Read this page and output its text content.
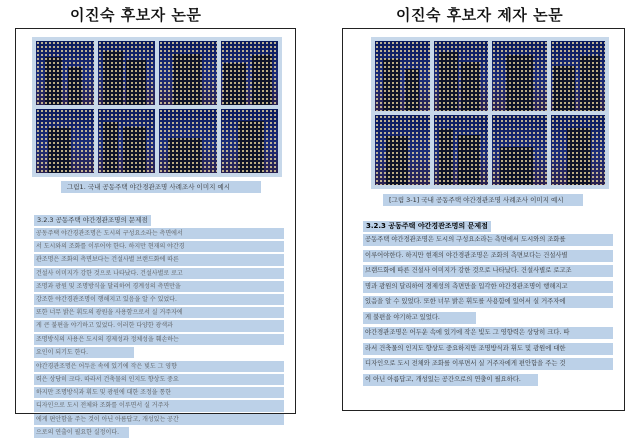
이진숙 후보자 논문	이진숙 후보자 제자 논문
그림1. 국내 공동주택 야간경관조명 사례조사 이미지 예시
3.2.3 공동주택 야간경관조명의 문제점
공동주택 야간경관조명은 도시의 구성요소라는 측면에서
서 도시와의 조화를 이루어야 한다. 하지만 현재의 야간경
관조명은 조화의 측면보다는 건설사별 브랜드화에 따른
건설사 이미지가 강한 것으로 나타났다. 건설사별로 로고
조명과 광원 및 조명방식을 달리하여 경계성의 측면만을
강조한 야간경관조명이 행해지고 있음을 알 수 있었다.
또한 너무 밝은 휘도의 광원을 사용함으로서 실 거주자에
게 큰 불편을 야기하고 있었다. 이러한 다양한 광색과
조명방식의 사용은 도시의 경제성과 정체성을 훼손하는
요인이 되기도 한다.
야간경관조명은 어두운 속에 있기에 작은 빛도 그 영향
력은 상당히 크다. 따라서 건축물의 인지도 향상도 중요
하지만 조명방식과 휘도 및 광원에 대한 조정을 통한
디자인으로 도시 전체와 조화를 이루면서 실 거주자
에게 편안함을 주는 것이 아닌 아름답고, 개성있는 공간
으로의 연출이 필요한 실정이다.
[그림 3-1] 국내 공동주택 야간경관조명 사례조사 이미지 예시
3.2.3 공동주택 야간경관조명의 문제점
공동주택 야간경관조명은 도시의 구성요소라는 측면에서 도시와의 조화를
이루어야한다. 하지만 현재의 야간경관조명은 조화의 측면보다는 건설사별
브랜드화에 따른 건설사 이미지가 강한 것으로 나타났다. 건설사별로 로고조
명과 광원의 달리하여 경제성의 측면만을 입각한 야간경관조명이 행해지고
있음을 알 수 있었다. 또한 너무 밝은 휘도를 사용함에 있어서 실 거주자에
게 불편을 야기하고 있었다.
야간경관조명은 어두운 속에 있기에 작은 빛도 그 영향력은 상당히 크다. 따
라서 건축물의 인지도 향상도 중요하지만 조명방식과 휘도 및 광원에 대한
디자인으로 도시 전체와 조화를 이루면서 실 거주자에게 편안함을 주는 것
이 아닌 아름답고, 개성있는 공간으로의 연출이 필요하다.
